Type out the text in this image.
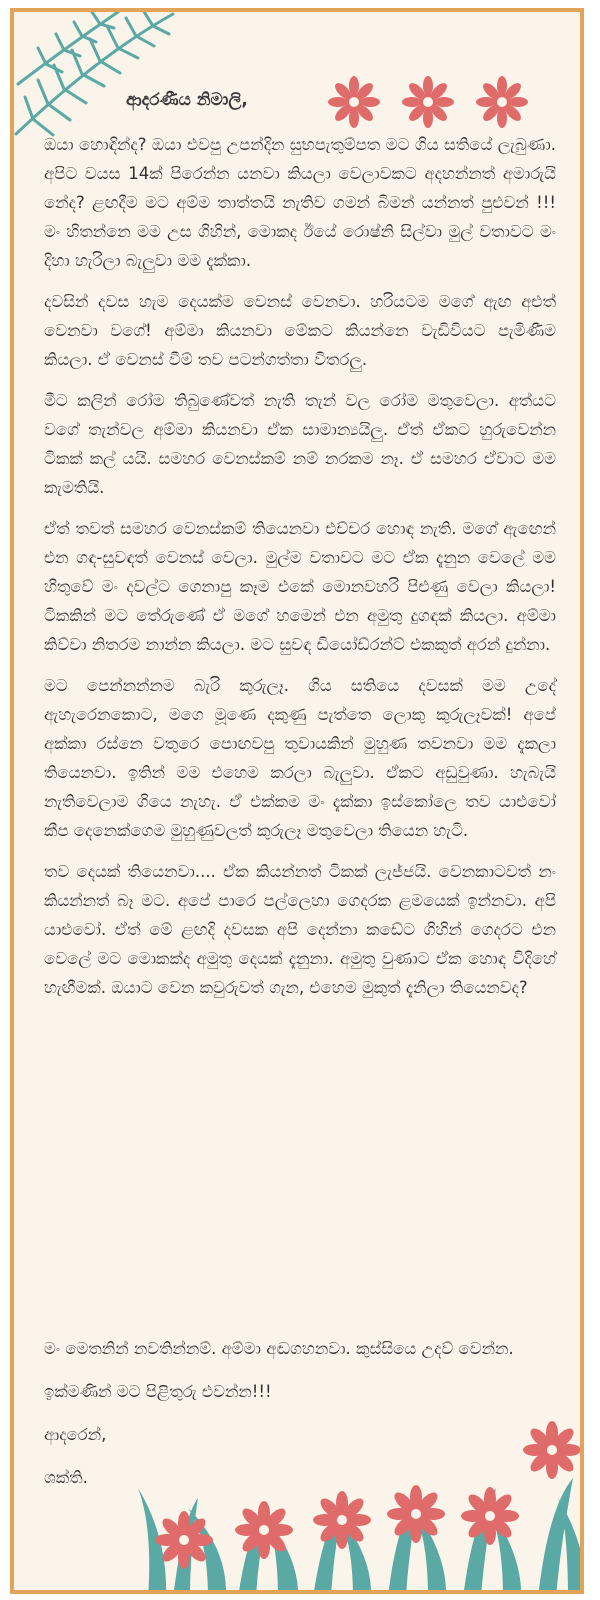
ආදරණීය නිමාලි,

ඔයා හොඳින්ද? ඔයා එවපු උපන්දින සුභපැතුම්පත මට ගිය සතියේ ලැබුණා. අපිට වයස 14ක් පිරෙන්න යනවා කියලා වෙලාවකට අදහන්නත් අමාරුයි නේද? ළඟදීම මට අම්ම තාත්තයි නැතිව ගමන් බිමන් යන්නත් පුළුවන් !!! මං හිතන්නෙ මම උස ගිහින්, මොකද ඊයේ රොෂ්නි සිල්වා මුල් වතාවට මං දිහා හැරිලා බැලුවා මම දැක්කා.

දවසින් දවස හැම දෙයක්ම වෙනස් වෙනවා. හරියටම මගේ ඇඟ අළුත් වෙනවා වගේ! අම්මා කියනවා මේකට කියන්නෙ වැඩිවියට පැමිණීම කියලා. ඒ වෙනස් වීම් තව පටන්ගත්තා විතරලු.

මීට කලින් රෝම තිබුණේවත් නැති තැන් වල රෝම මතුවෙලා. අත්යට වගේ තැන්වල අම්මා කියනවා ඒක සාමාන්‍යයිලු. ඒත් ඒකට හුරුවෙන්න ටිකක් කල් යයි. සමහර වෙනස්කම් නම් නරකම නෑ. ඒ සමහර ඒවාට මම කැමතියි.

ඒත් තවත් සමහර වෙනස්කම් තියෙනවා එච්චර හොඳ නැති. මගේ ඇඟෙන් එන ගඳ-සුවඳත් වෙනස් වෙලා. මුල්ම වතාවට මට ඒක දැනුන වෙලේ මම හිතුවේ මං දවල්ට ගෙනාපු කෑම එකේ මොනවහරි පිළුණු වෙලා කියලා! ටිකකින් මට තේරුණේ ඒ මගේ හමෙන් එන අමුතු දුගඳක් කියලා. අම්මා කිව්වා නිතරම නාන්න කියලා. මට සුවඳ ඩියෝඩ්රන්ට් එකකුත් අරන් දුන්නා.

මට පෙන්නන්නම බැරි කුරුලෑ. ගිය සතියෙ දවසක් මම උදේ ඇහැරෙනකොට, මගෙ මූණෙ දකුණු පැත්තෙ ලොකු කුරුලෑවක්! අපේ අක්කා රස්නෙ වතුරෙ පොඟවපු තුවායකින් මුහුණ තවනවා මම දැකලා තියෙනවා. ඉතින් මම එහෙම කරලා බැලුවා. ඒකට අඩුවුණා. හැබැයි නැතිවෙලාම ගියෙ නැහැ. ඒ එක්කම මං දැක්කා ඉස්කෝලෙ තව යාළුවෝ කීප දෙනෙක්ගෙම මුහුණුවලත් කුරුලෑ මතුවෙලා තියෙන හැටි.

තව දෙයක් තියෙනවා.... ඒක කියන්නත් ටිකක් ලැජ්ජයි. වෙනකාටවත් නං කියන්නත් බෑ මට. අපේ පාරෙ පල්ලෙහා ගෙදරක ළමයෙක් ඉන්නවා. අපි යාළුවෝ. ඒත් මේ ළඟදි දවසක අපි දෙන්නා කඩේට ගිහින් ගෙදරට එන වෙලේ මට මොකක්ද අමුතු දෙයක් දැනුනා. අමුතු වුණාට ඒක හොඳ විදිහේ හැඟීමක්. ඔයාට වෙන කවුරුවත් ගැන, එහෙම මුකුත් දැනිලා තියෙනවද?

මං මෙතනින් නවතින්නම්. අම්මා අඬගහනවා. කුස්සියෙ උදව් වෙන්න.

ඉක්මණින් මට පිළිතුරු එවන්න!!!

ආදරෙන්,

ශක්ති.
